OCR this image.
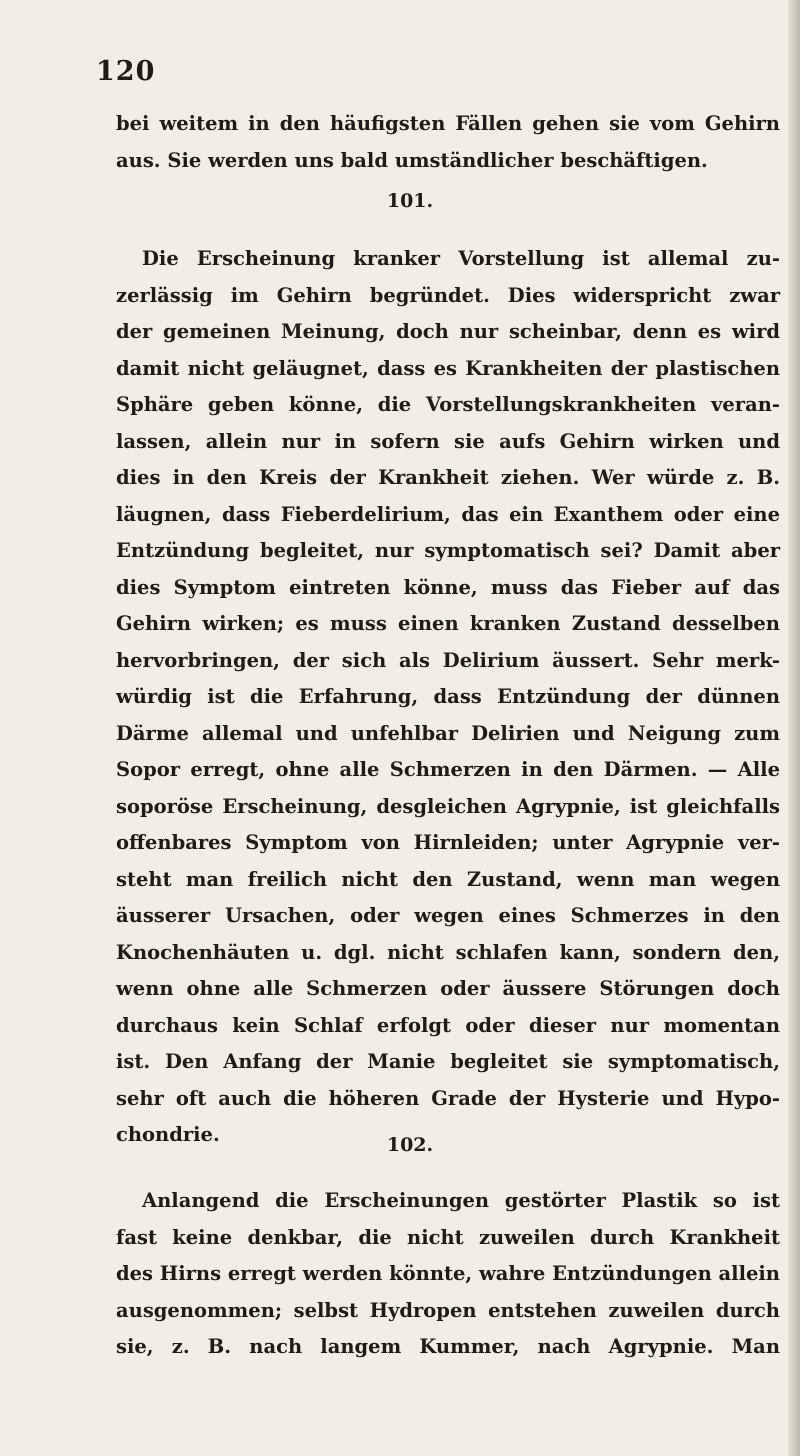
120
bei weitem in den häufigsten Fällen gehen sie vom Gehirn
aus. Sie werden uns bald umständlicher beschäftigen.
101.
Die Erscheinung kranker Vorstellung ist allemal zu-
zerlässig im Gehirn begründet. Dies widerspricht zwar
der gemeinen Meinung, doch nur scheinbar, denn es wird
damit nicht geläugnet, dass es Krankheiten der plastischen
Sphäre geben könne, die Vorstellungskrankheiten veran-
lassen, allein nur in sofern sie aufs Gehirn wirken und
dies in den Kreis der Krankheit ziehen. Wer würde z. B.
läugnen, dass Fieberdelirium, das ein Exanthem oder eine
Entzündung begleitet, nur symptomatisch sei? Damit aber
dies Symptom eintreten könne, muss das Fieber auf das
Gehirn wirken; es muss einen kranken Zustand desselben
hervorbringen, der sich als Delirium äussert. Sehr merk-
würdig ist die Erfahrung, dass Entzündung der dünnen
Därme allemal und unfehlbar Delirien und Neigung zum
Sopor erregt, ohne alle Schmerzen in den Därmen. — Alle
soporöse Erscheinung, desgleichen Agrypnie, ist gleichfalls
offenbares Symptom von Hirnleiden; unter Agrypnie ver-
steht man freilich nicht den Zustand, wenn man wegen
äusserer Ursachen, oder wegen eines Schmerzes in den
Knochenhäuten u. dgl. nicht schlafen kann, sondern den,
wenn ohne alle Schmerzen oder äussere Störungen doch
durchaus kein Schlaf erfolgt oder dieser nur momentan
ist. Den Anfang der Manie begleitet sie symptomatisch,
sehr oft auch die höheren Grade der Hysterie und Hypo-
chondrie.	102.
Anlangend die Erscheinungen gestörter Plastik so ist
fast keine denkbar, die nicht zuweilen durch Krankheit
des Hirns erregt werden könnte, wahre Entzündungen allein
ausgenommen; selbst Hydropen entstehen zuweilen durch
sie, z. B. nach langem Kummer, nach Agrypnie. Man
